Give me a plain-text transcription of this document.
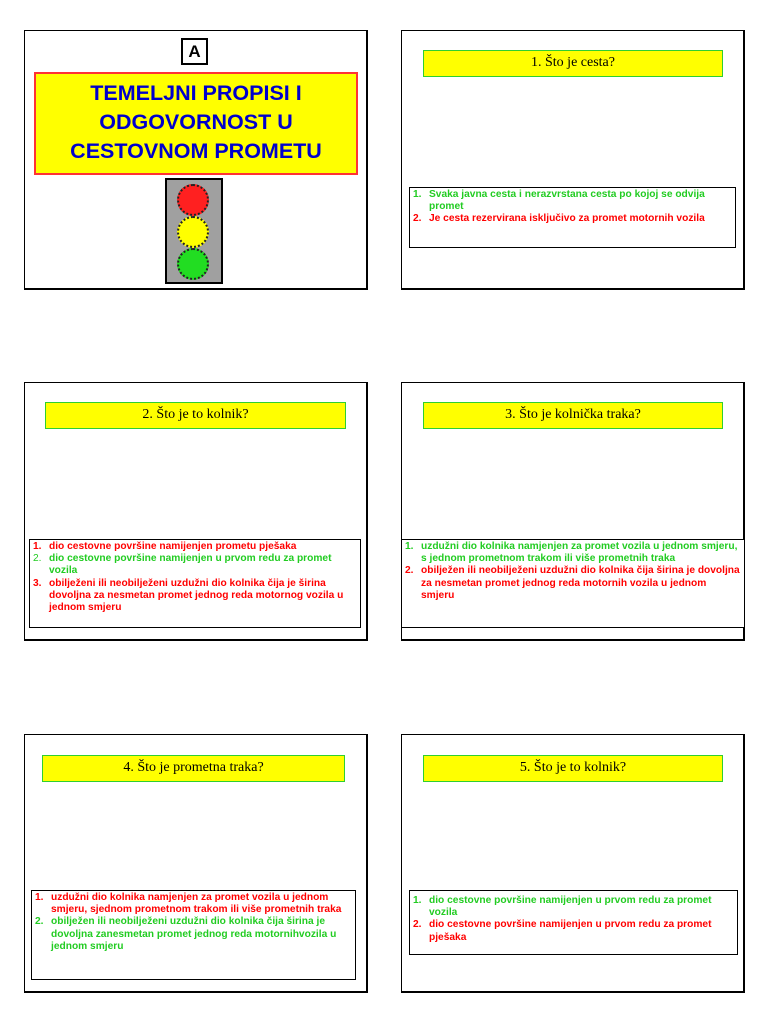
A
TEMELJNI PROPISI I
ODGOVORNOST U
CESTOVNOM PROMETU
1. Što je cesta?
1. Svaka javna cesta i nerazvrstana cesta po kojoj se odvija promet
2. Je cesta rezervirana isključivo za promet motornih vozila
2. Što je to kolnik?
1. dio cestovne površine namijenjen prometu pješaka
2. dio cestovne površine namijenjen u prvom redu za promet vozila
3. obilježeni ili neobilježeni uzdužni dio kolnika čija je širina dovoljna za nesmetan promet jednog reda motornog vozila u jednom smjeru
3. Što je kolnička traka?
1. uzdužni dio kolnika namjenjen za promet vozila u jednom smjeru, s jednom prometnom trakom ili više prometnih traka
2. obilježen ili neobilježeni uzdužni dio kolnika čija širina je dovoljna za nesmetan promet jednog reda motornih vozila u jednom smjeru
4. Što je prometna traka?
1. uzdužni dio kolnika namjenjen za promet vozila u jednom smjeru, sjednom prometnom trakom ili više prometnih traka
2. obilježen ili neobilježeni uzdužni dio kolnika čija širina je dovoljna zanesmetan promet jednog reda motornihvozila u jednom smjeru
5. Što je to kolnik?
1. dio cestovne površine namijenjen u prvom redu za promet vozila
2. dio cestovne površine namijenjen u prvom redu za promet pješaka
